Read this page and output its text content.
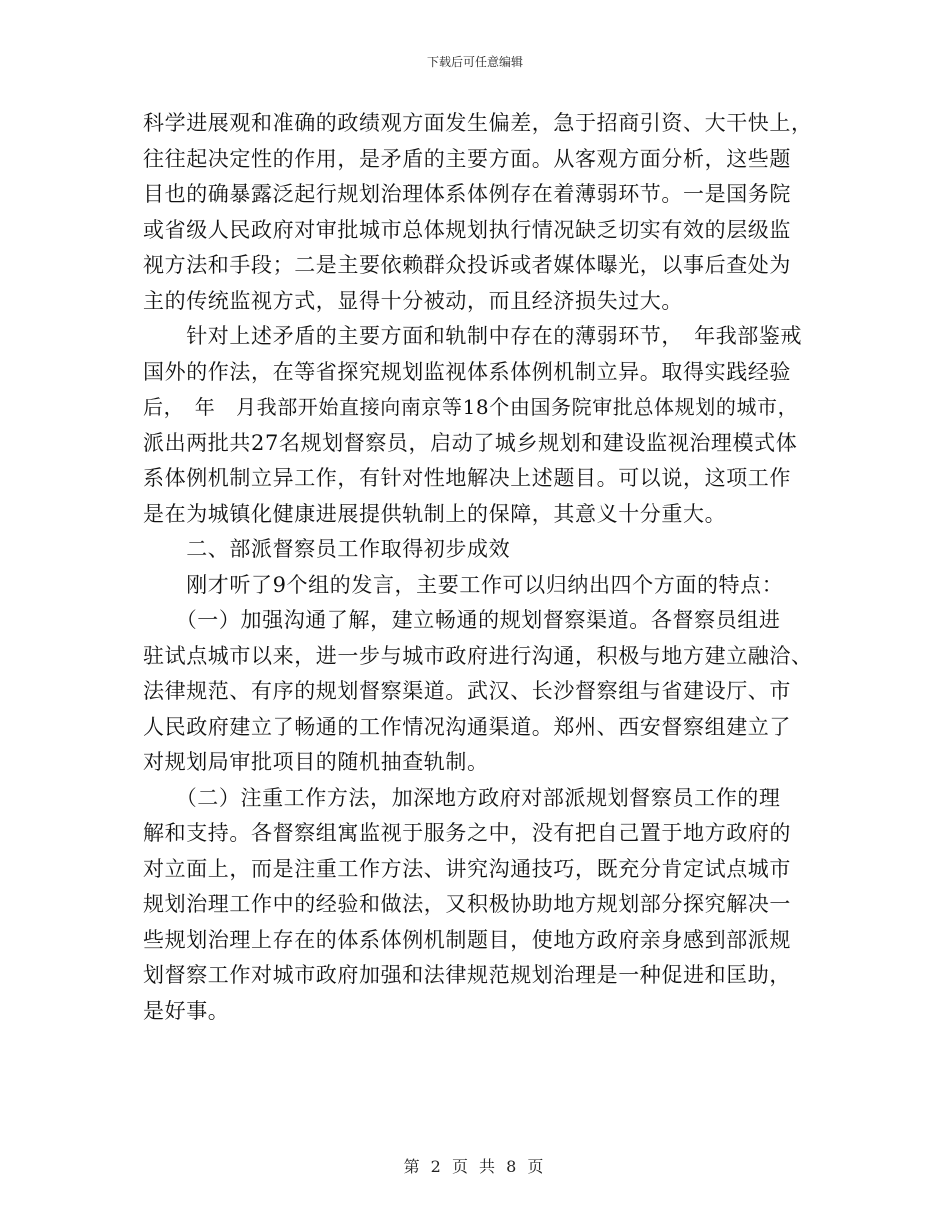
下载后可任意编辑
科学进展观和准确的政绩观方面发生偏差，急于招商引资、大干快上，
往往起决定性的作用，是矛盾的主要方面。从客观方面分析，这些题
目也的确暴露泛起行规划治理体系体例存在着薄弱环节。一是国务院
或省级人民政府对审批城市总体规划执行情况缺乏切实有效的层级监
视方法和手段；二是主要依赖群众投诉或者媒体曝光，以事后查处为
主的传统监视方式，显得十分被动，而且经济损失过大。
　　针对上述矛盾的主要方面和轨制中存在的薄弱环节，　年我部鉴戒
国外的作法，在等省探究规划监视体系体例机制立异。取得实践经验
后，　年　月我部开始直接向南京等18个由国务院审批总体规划的城市，
派出两批共27名规划督察员，启动了城乡规划和建设监视治理模式体
系体例机制立异工作，有针对性地解决上述题目。可以说，这项工作
是在为城镇化健康进展提供轨制上的保障，其意义十分重大。
　　二、部派督察员工作取得初步成效
　　刚才听了9个组的发言，主要工作可以归纳出四个方面的特点：
　　（一）加强沟通了解，建立畅通的规划督察渠道。各督察员组进
驻试点城市以来，进一步与城市政府进行沟通，积极与地方建立融洽、
法律规范、有序的规划督察渠道。武汉、长沙督察组与省建设厅、市
人民政府建立了畅通的工作情况沟通渠道。郑州、西安督察组建立了
对规划局审批项目的随机抽查轨制。
　　（二）注重工作方法，加深地方政府对部派规划督察员工作的理
解和支持。各督察组寓监视于服务之中，没有把自己置于地方政府的
对立面上，而是注重工作方法、讲究沟通技巧，既充分肯定试点城市
规划治理工作中的经验和做法，又积极协助地方规划部分探究解决一
些规划治理上存在的体系体例机制题目，使地方政府亲身感到部派规
划督察工作对城市政府加强和法律规范规划治理是一种促进和匡助，
是好事。
第 2 页 共 8 页
